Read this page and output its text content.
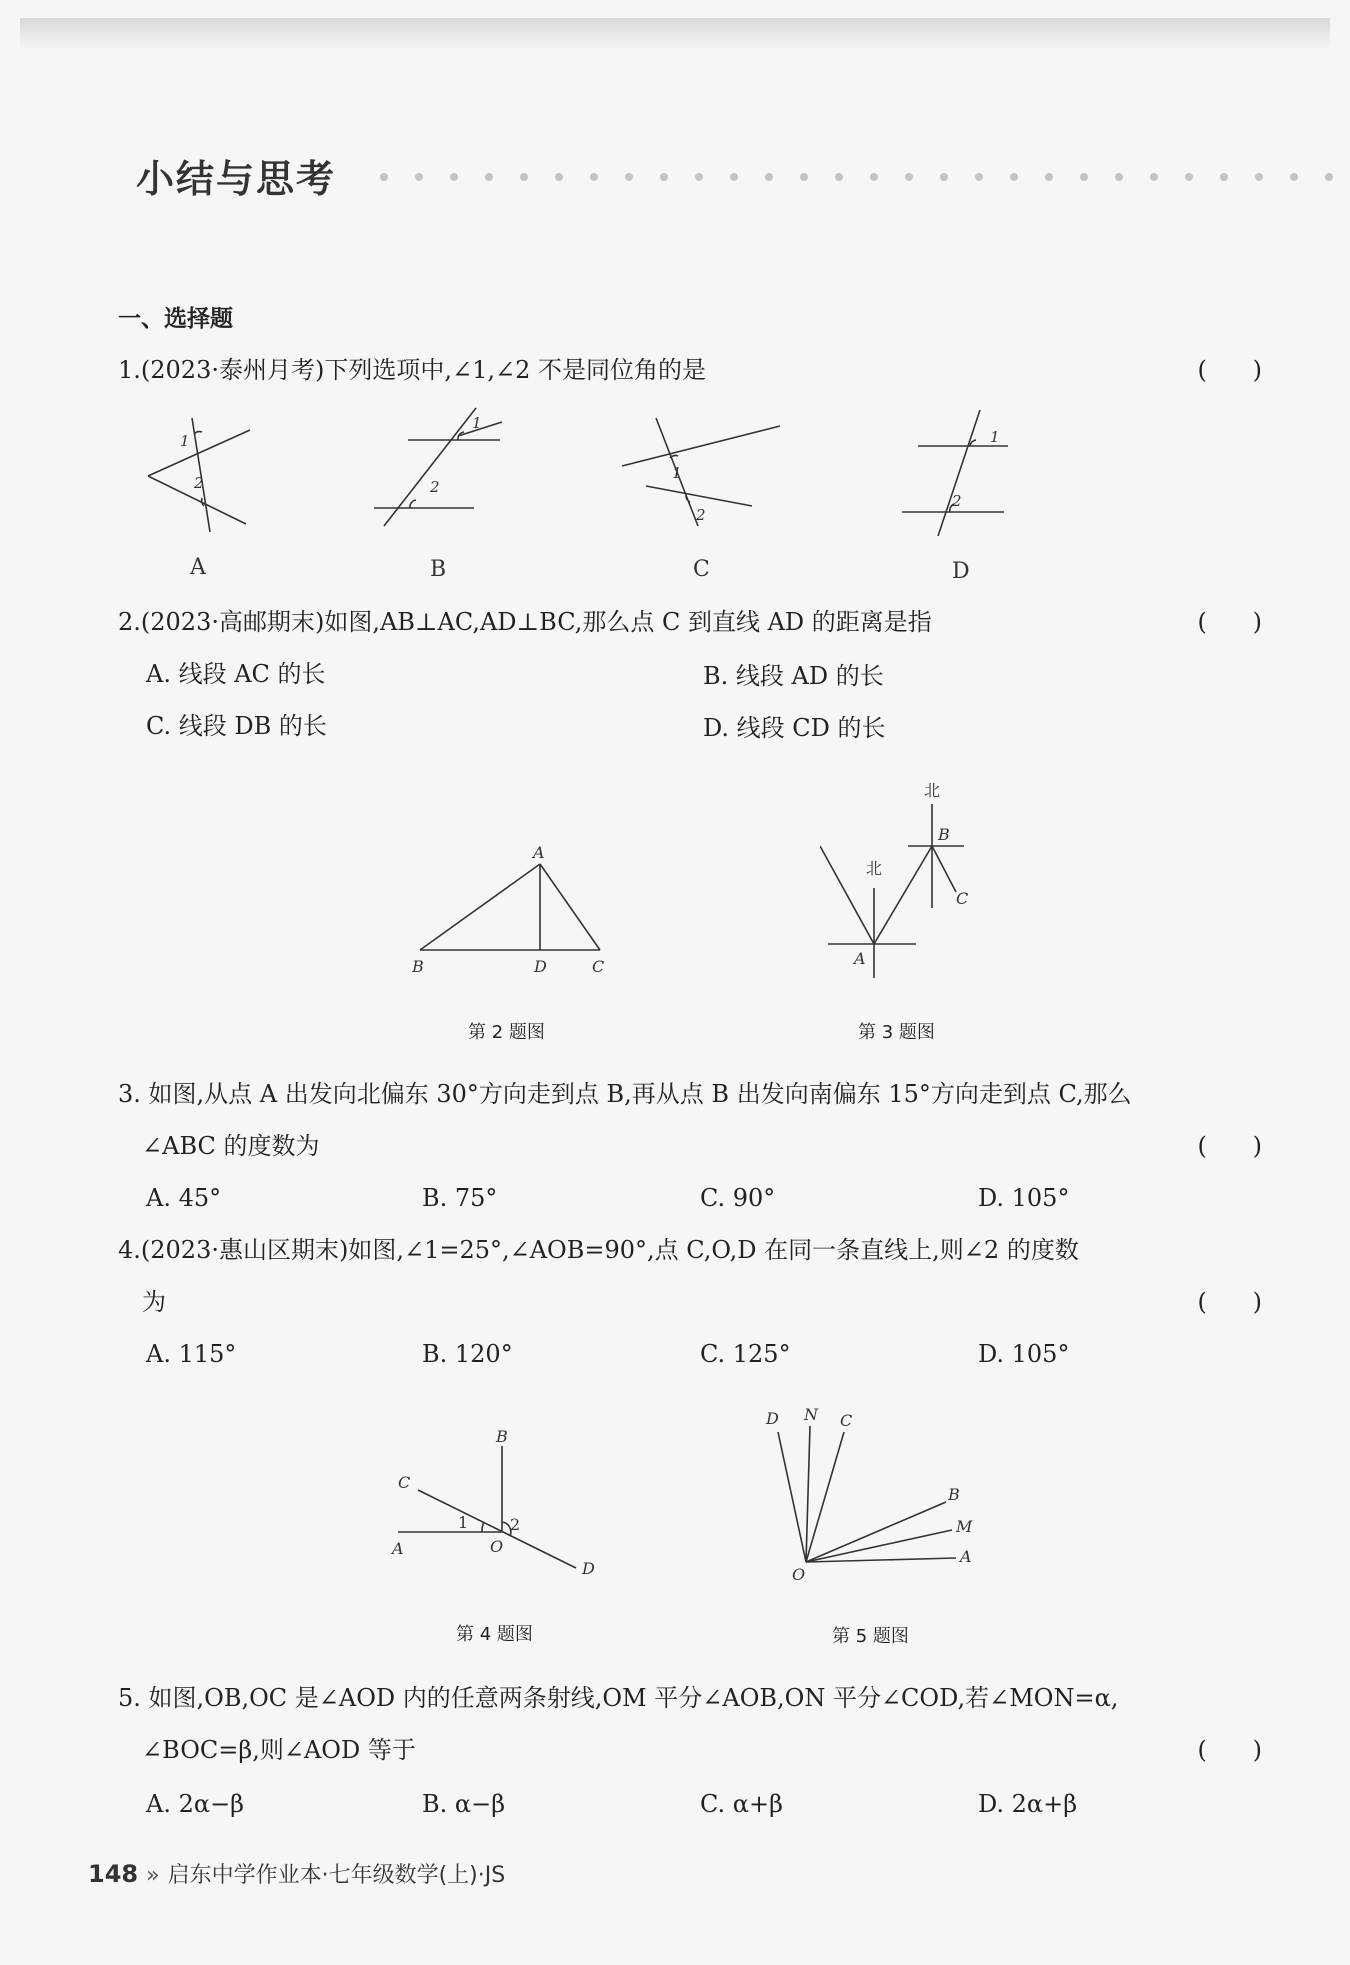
小结与思考
一、选择题
1.(2023·泰州月考)下列选项中,∠1,∠2 不是同位角的是	(      )
1
2
1
2
1
2
1
2
A	B	C	D
2.(2023·高邮期末)如图,AB⊥AC,AD⊥BC,那么点 C 到直线 AD 的距离是指	(      )
A. 线段 AC 的长	B. 线段 AD 的长
C. 线段 DB 的长	D. 线段 CD 的长
A
B	D	C
第 2 题图
北
B
C
北
A
第 3 题图
3. 如图,从点 A 出发向北偏东 30°方向走到点 B,再从点 B 出发向南偏东 15°方向走到点 C,那么
∠ABC 的度数为	(      )
A. 45°	B. 75°	C. 90°	D. 105°
4.(2023·惠山区期末)如图,∠1=25°,∠AOB=90°,点 C,O,D 在同一条直线上,则∠2 的度数
为	(      )
A. 115°	B. 120°	C. 125°	D. 105°
B
C
A	O
D
1	2
第 4 题图
D N C
B
M
A
O
第 5 题图
5. 如图,OB,OC 是∠AOD 内的任意两条射线,OM 平分∠AOB,ON 平分∠COD,若∠MON=α,
∠BOC=β,则∠AOD 等于	(      )
A. 2α−β	B. α−β	C. α+β	D. 2α+β
148 » 启东中学作业本·七年级数学(上)·JS
